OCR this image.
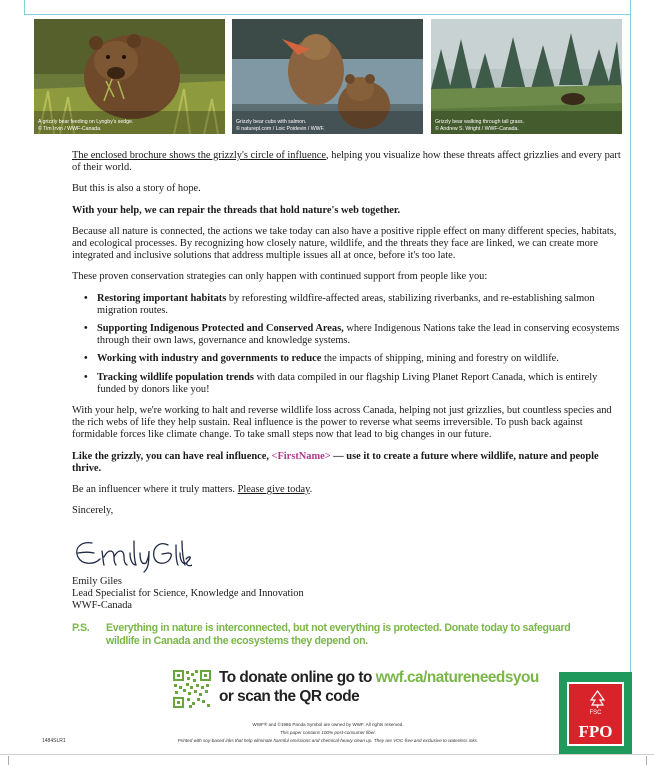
A grizzly bear feeding on Lyngby's sedge.
© Tim Irvin / WWF-Canada.
Grizzly bear cubs with salmon.
© naturepl.com / Loic Poidevin / WWF.
Grizzly bear walking through tall grass.
© Andrew S. Wright / WWF-Canada.

The enclosed brochure shows the grizzly's circle of influence, helping you visualize how these threats affect grizzlies and every part of their world.

But this is also a story of hope.

With your help, we can repair the threads that hold nature's web together.

Because all nature is connected, the actions we take today can also have a positive ripple effect on many different species, habitats, and ecological processes. By recognizing how closely nature, wildlife, and the threats they face are linked, we can create more integrated and inclusive solutions that address multiple issues all at once, before it's too late.

These proven conservation strategies can only happen with continued support from people like you:

• Restoring important habitats by reforesting wildfire-affected areas, stabilizing riverbanks, and re-establishing salmon migration routes.
• Supporting Indigenous Protected and Conserved Areas, where Indigenous Nations take the lead in conserving ecosystems through their own laws, governance and knowledge systems.
• Working with industry and governments to reduce the impacts of shipping, mining and forestry on wildlife.
• Tracking wildlife population trends with data compiled in our flagship Living Planet Report Canada, which is entirely funded by donors like you!

With your help, we're working to halt and reverse wildlife loss across Canada, helping not just grizzlies, but countless species and the rich webs of life they help sustain. Real influence is the power to reverse what seems irreversible. To push back against formidable forces like climate change. To take small steps now that lead to big changes in our future.

Like the grizzly, you can have real influence, <FirstName> — use it to create a future where wildlife, nature and people thrive.

Be an influencer where it truly matters. Please give today.

Sincerely,
Emily Giles
Lead Specialist for Science, Knowledge and Innovation
WWF-Canada
P.S. Everything in nature is interconnected, but not everything is protected. Donate today to safeguard wildlife in Canada and the ecosystems they depend on.
To donate online go to wwf.ca/natureneedsyou
or scan the QR code
WWF® and ©1986 Panda Symbol are owned by WWF. All rights reserved.
This paper contains 100% post-consumer fiber.
Printed with soy-based inks that help eliminate harmful emissions and chemical-heavy clean up. They are VOC-free and exclusive to waterless inks.
1484SLR1
FSC
FPO
